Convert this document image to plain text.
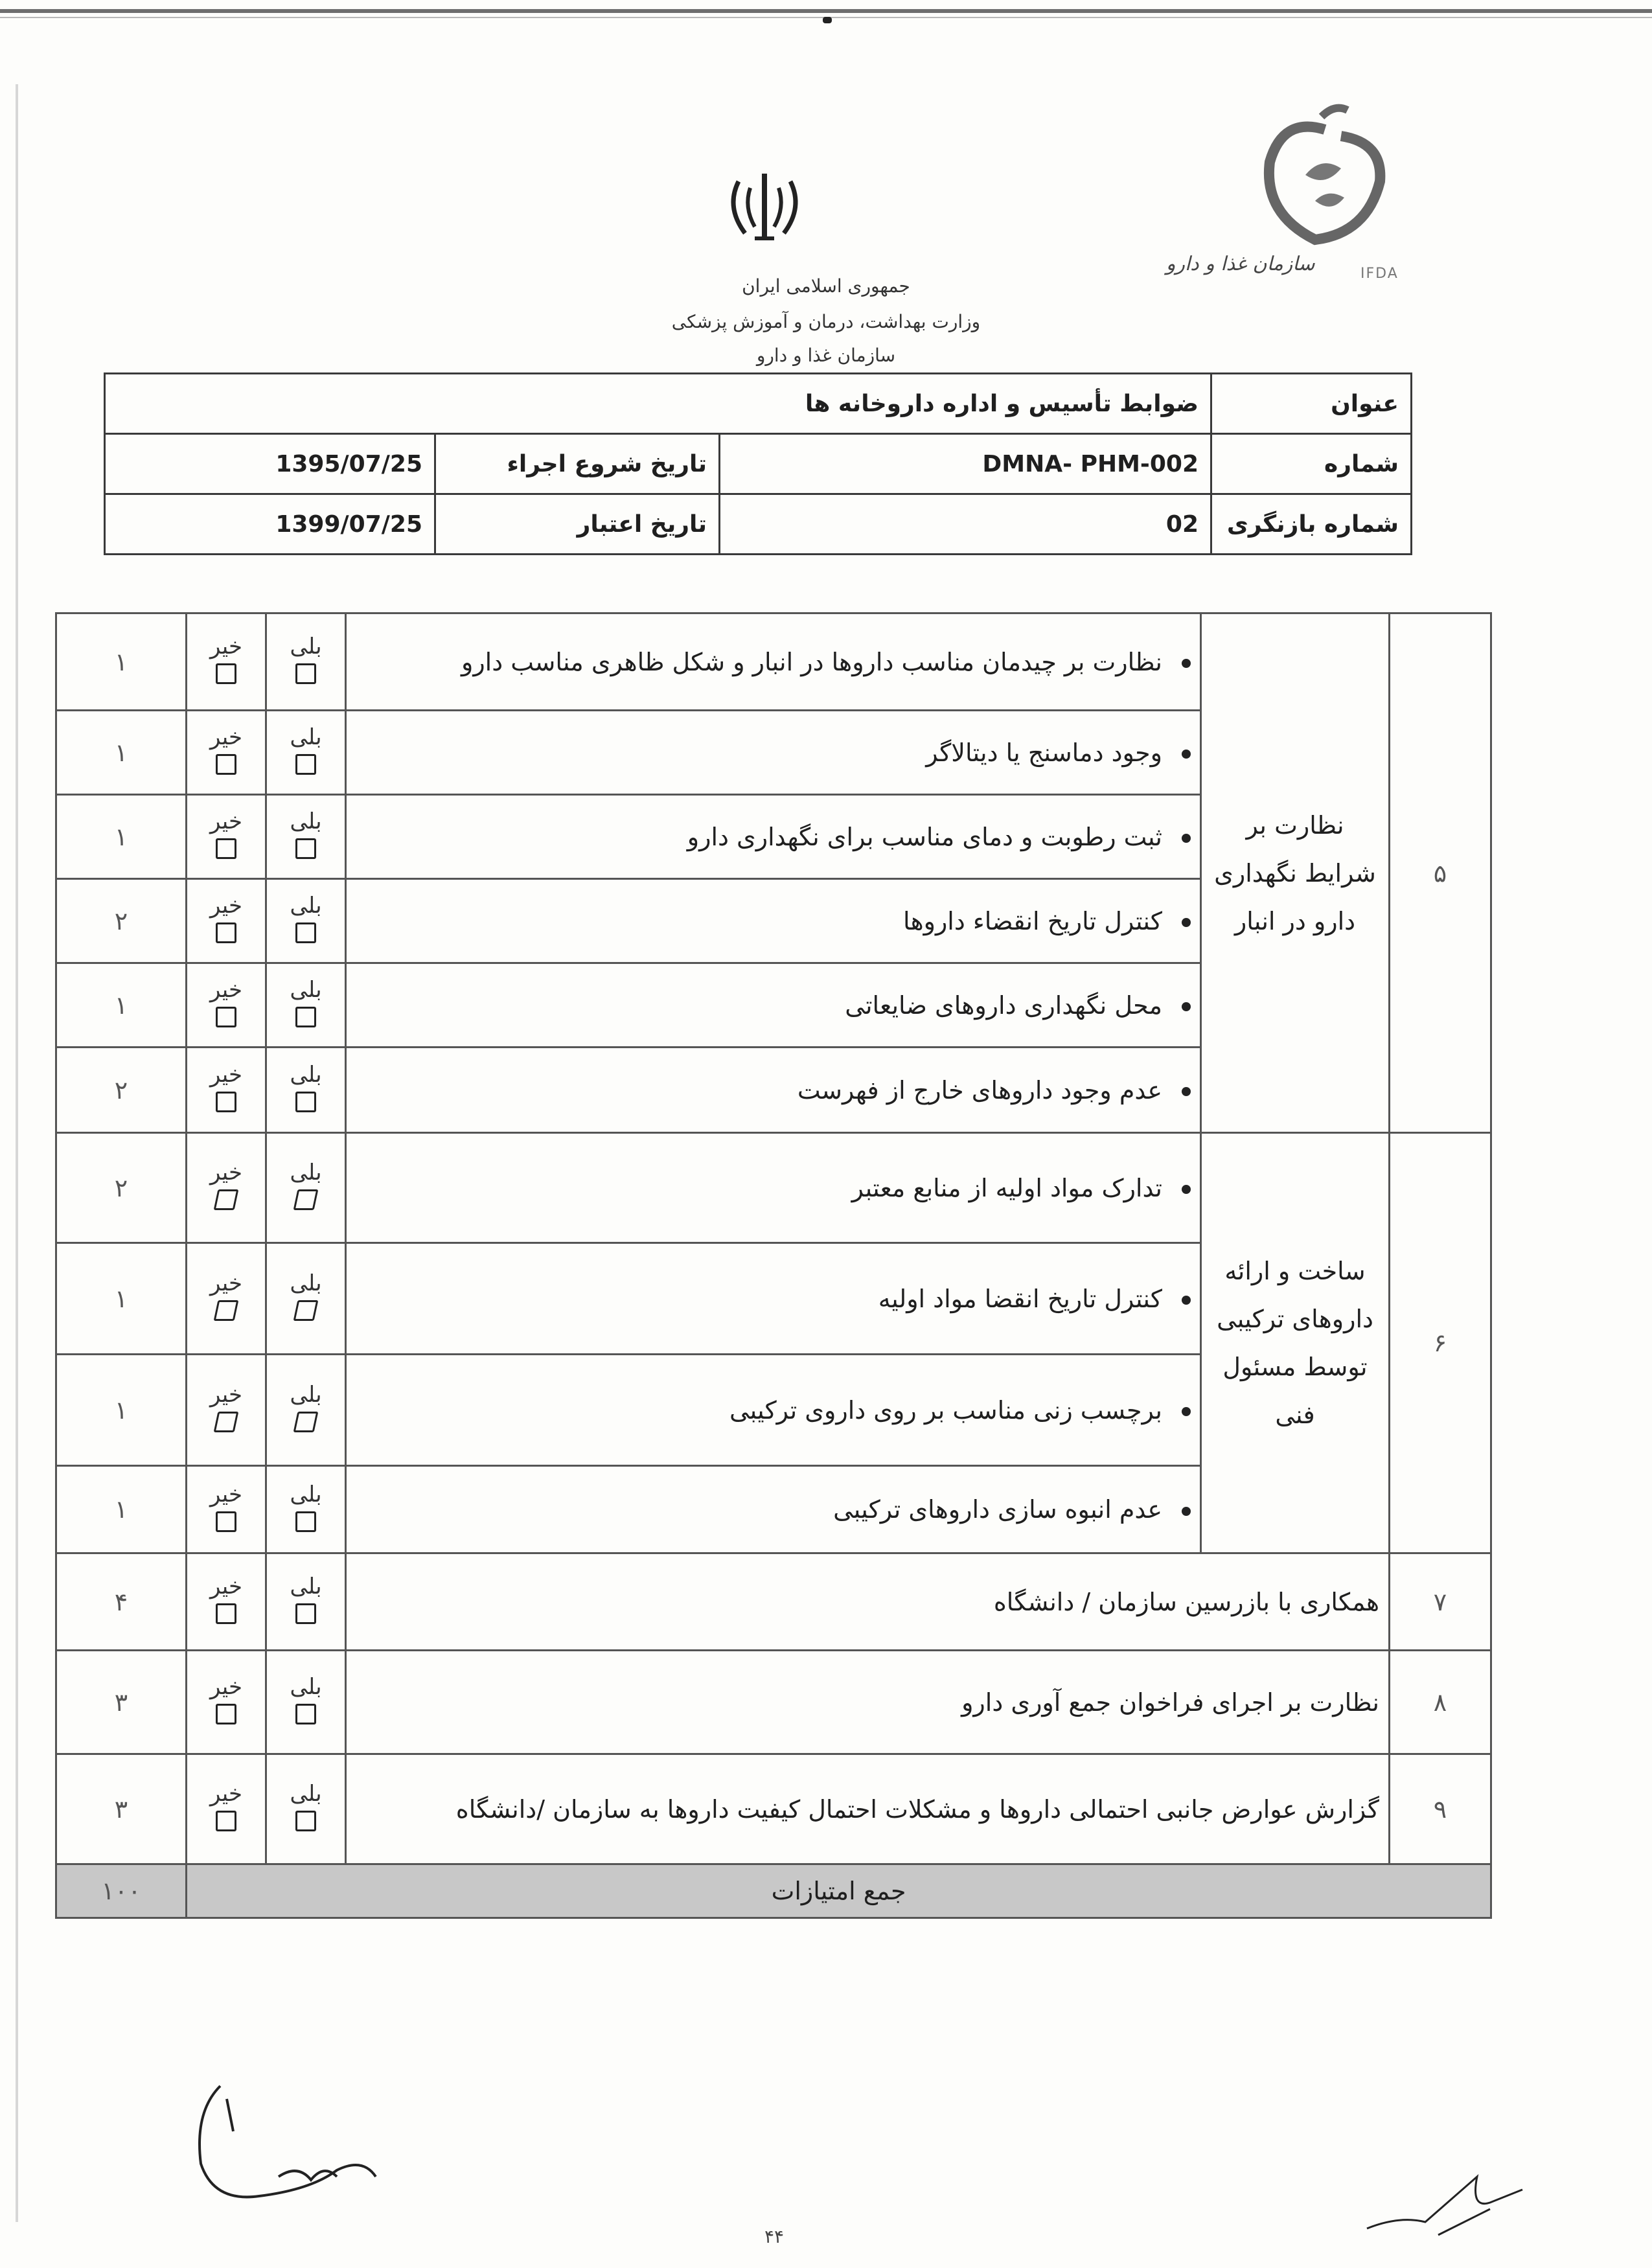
جمهوری اسلامی ایران
وزارت بهداشت، درمان و آموزش پزشکی
سازمان غذا و دارو
سازمان غذا و دارو	IFDA
عنوان	ضوابط تأسیس و اداره داروخانه ها		
شماره	DMNA- PHM-002	تاریخ شروع اجراء	1395/07/25
شماره بازنگری	02	تاریخ اعتبار	1399/07/25
۵	نظارت بر شرایط نگهداری دارو در انبار	نظارت بر چیدمان مناسب داروها در انبار و شکل ظاهری مناسب دارو	بلی	خیر	۱
		وجود دماسنج یا دیتالاگر	بلی	خیر	۱
		ثبت رطوبت و دمای مناسب برای نگهداری دارو	بلی	خیر	۱
		کنترل تاریخ انقضاء داروها	بلی	خیر	۲
		محل نگهداری داروهای ضایعاتی	بلی	خیر	۱
		عدم وجود داروهای خارج از فهرست	بلی	خیر	۲
۶	ساخت و ارائه داروهای ترکیبی توسط مسئول فنی	تدارک مواد اولیه از منابع معتبر	بلی	خیر	۲
		کنترل تاریخ انقضا مواد اولیه	بلی	خیر	۱
		برچسب زنی مناسب بر روی داروی ترکیبی	بلی	خیر	۱
		عدم انبوه سازی داروهای ترکیبی	بلی	خیر	۱
۷	همکاری با بازرسین سازمان / دانشگاه		بلی	خیر	۴
۸	نظارت بر اجرای فراخوان جمع آوری دارو		بلی	خیر	۳
۹	گزارش عوارض جانبی احتمالی داروها و مشکلات احتمال کیفیت داروها به سازمان /دانشگاه		بلی	خیر	۳
جمع امتیازات					۱۰۰
۴۴
